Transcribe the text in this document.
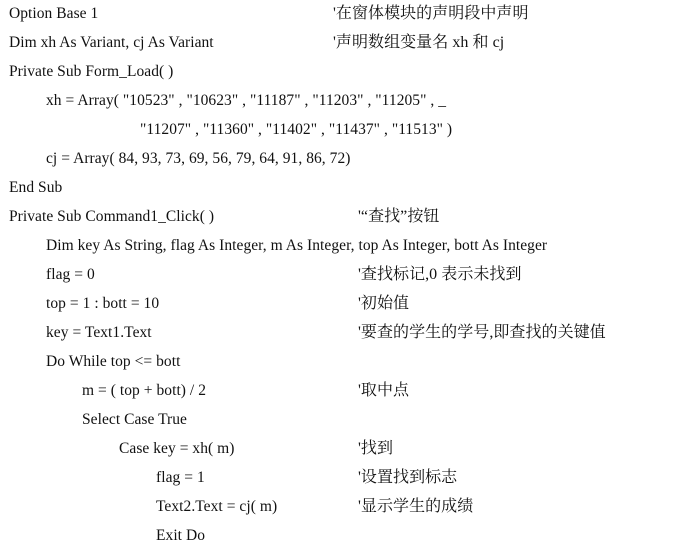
Option Base 1	'在窗体模块的声明段中声明
Dim xh As Variant, cj As Variant	'声明数组变量名 xh 和 cj
Private Sub Form_Load( )
xh = Array( "10523" , "10623" , "11187" , "11203" , "11205" , _
"11207" , "11360" , "11402" , "11437" , "11513" )
cj = Array( 84, 93, 73, 69, 56, 79, 64, 91, 86, 72)
End Sub
Private Sub Command1_Click( )	'“查找”按钮
Dim key As String, flag As Integer, m As Integer, top As Integer, bott As Integer
flag = 0	'查找标记,0 表示未找到
top = 1 : bott = 10	'初始值
key = Text1.Text	'要查的学生的学号,即查找的关键值
Do While top <= bott
m = ( top + bott) / 2	'取中点
Select Case True
Case key = xh( m)	'找到
flag = 1	'设置找到标志
Text2.Text = cj( m)	'显示学生的成绩
Exit Do
